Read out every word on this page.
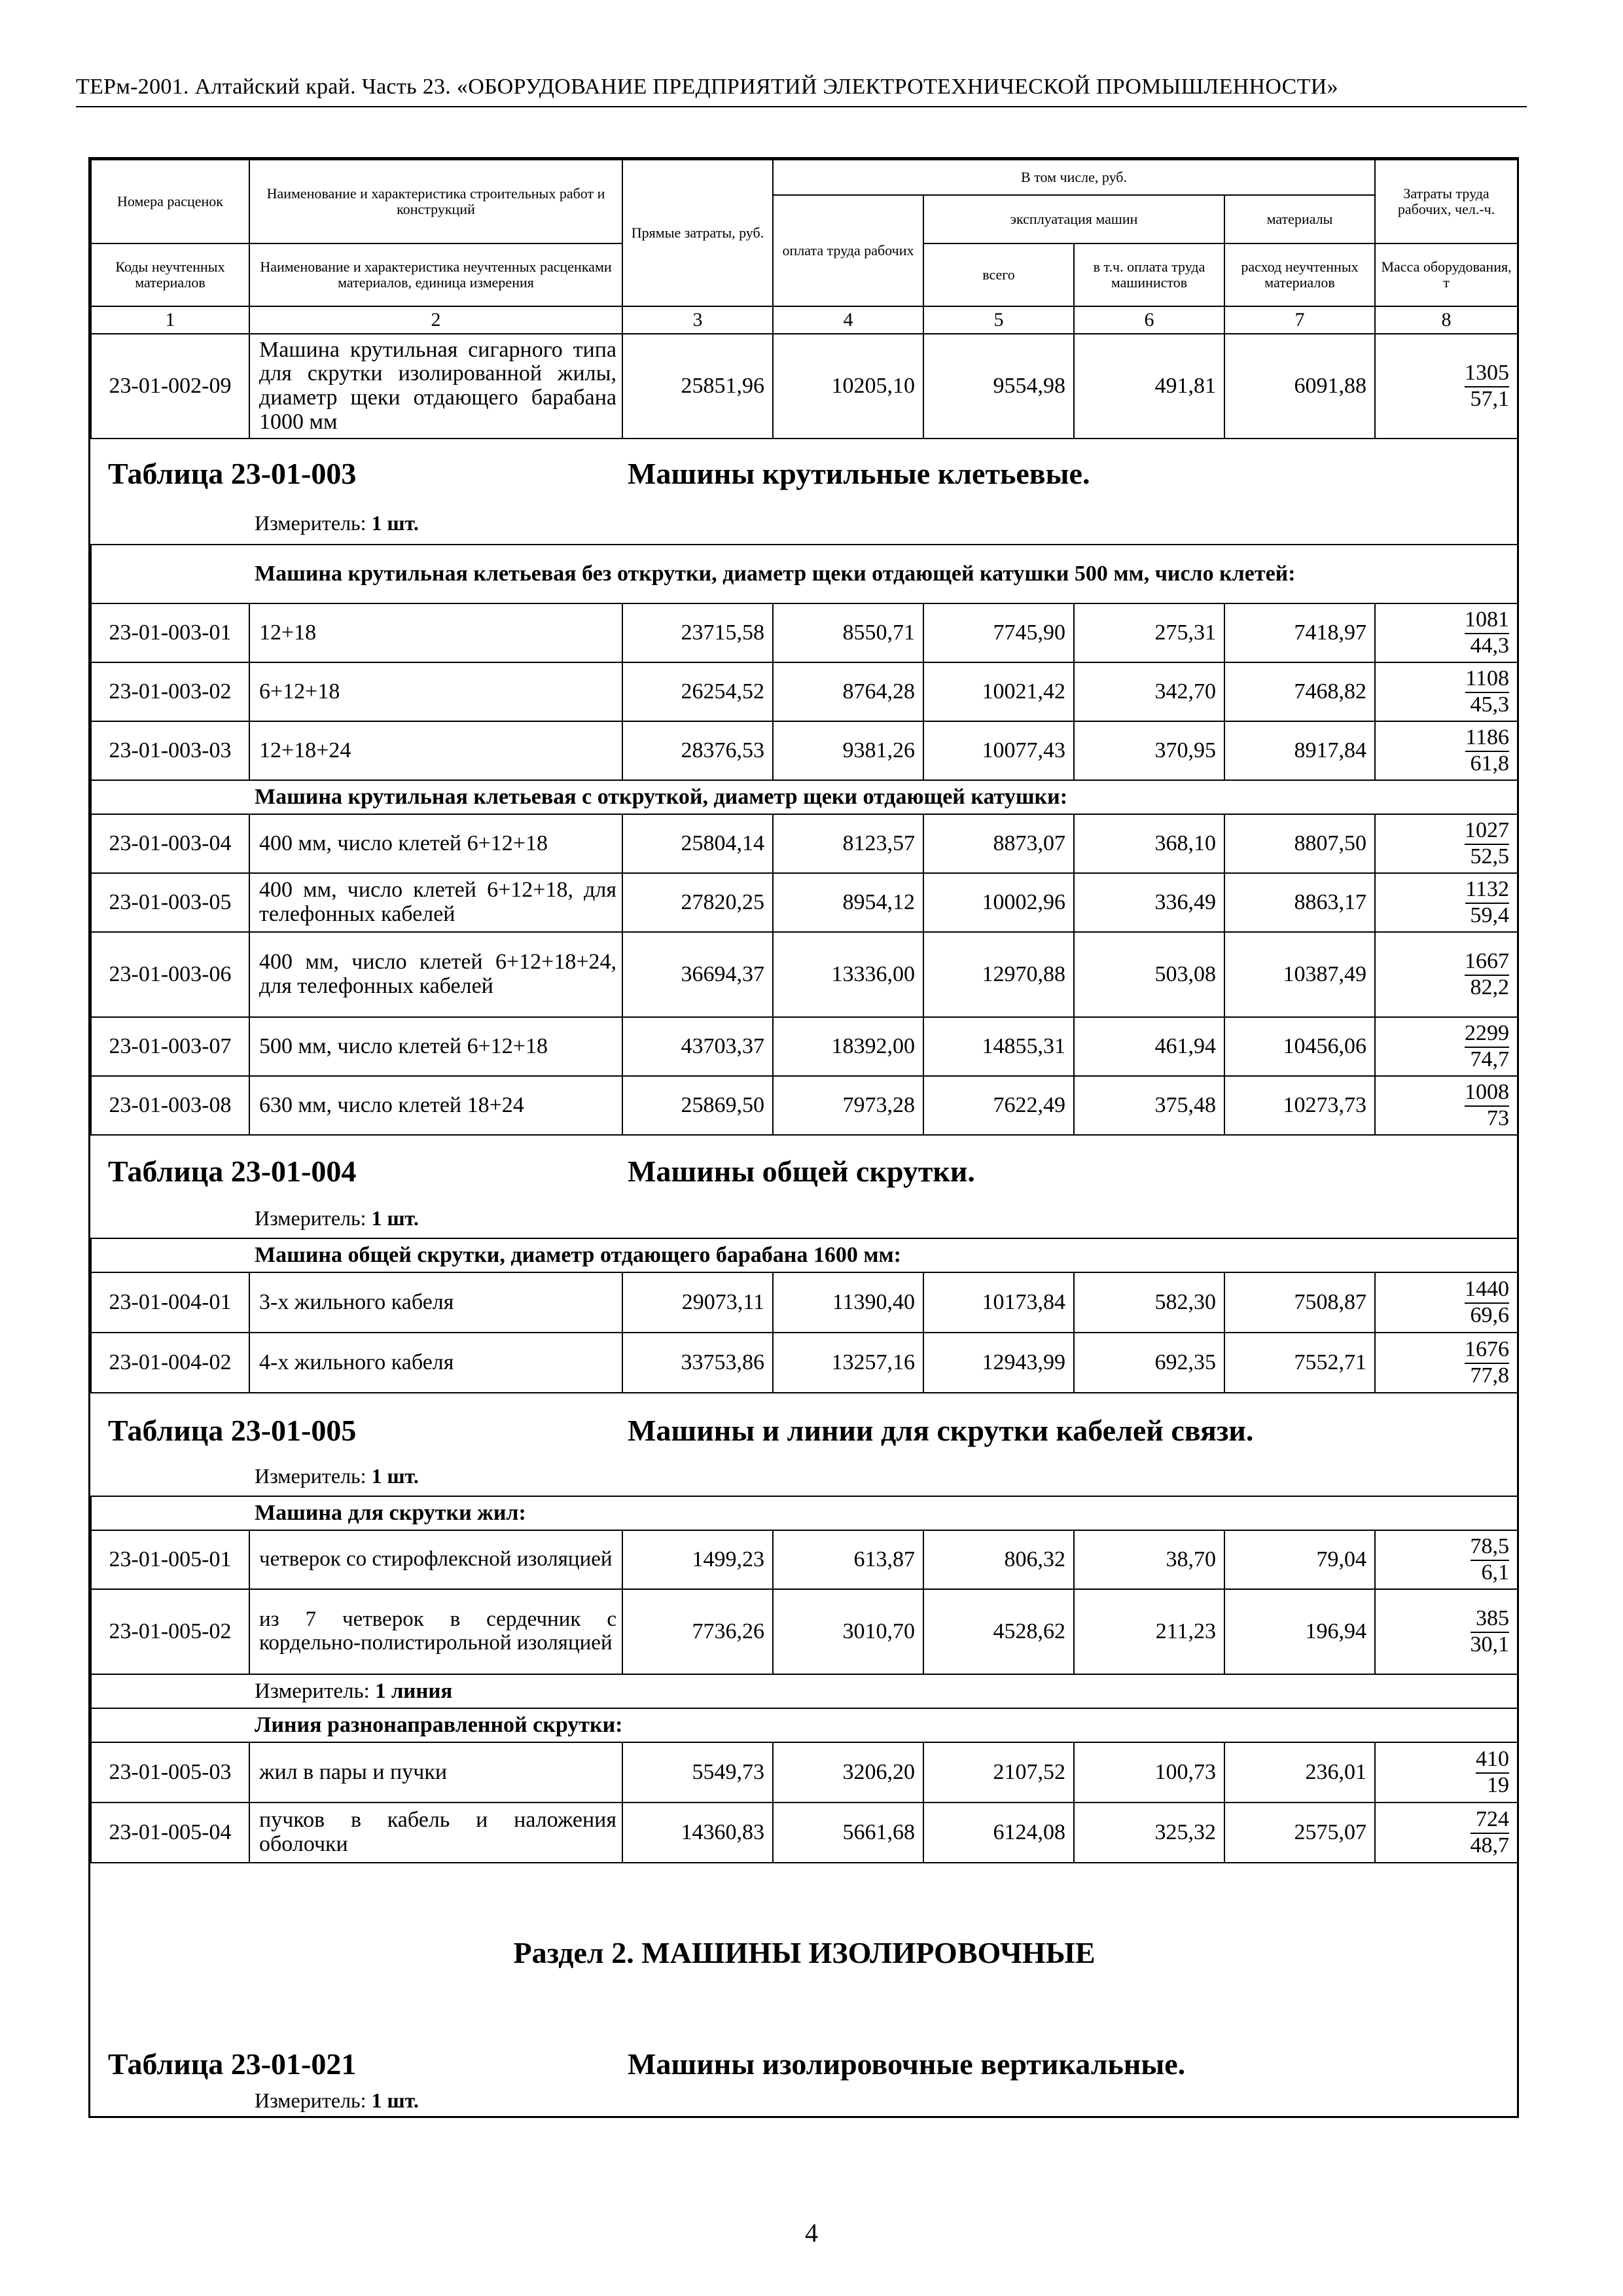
ТЕРм-2001. Алтайский край. Часть 23. «ОБОРУДОВАНИЕ ПРЕДПРИЯТИЙ ЭЛЕКТРОТЕХНИЧЕСКОЙ ПРОМЫШЛЕННОСТИ»
Номера расценок	Наименование и характеристика строительных работ и конструкций	Прямые затраты, руб.	В том числе, руб.				Затраты труда рабочих, чел.-ч.
			оплата труда рабочих	эксплуатация машин		материалы	
Коды неучтенных материалов	Наименование и характеристика неучтенных расценками материалов, единица измерения			всего	в т.ч. оплата труда машинистов	расход неучтенных материалов	Масса оборудования, т
1	2	3	4	5	6	7	8
23-01-002-09	Машина крутильная сигарного типа для скрутки изолированной жилы, диаметр щеки отдающего барабана 1000 мм	25851,96	10205,10	9554,98	491,81	6091,88	$\frac{1305}{57,1}$

Таблица 23-01-003 Машины крутильные клетьевые.
Измеритель: 1 шт.							

	Машина крутильная клетьевая без открутки, диаметр щеки отдающей катушки 500 мм, число клетей:						
23-01-003-01	12+18	23715,58	8550,71	7745,90	275,31	7418,97	$\frac{1081}{44,3}$

23-01-003-02	6+12+18	26254,52	8764,28	10021,42	342,70	7468,82	$\frac{1108}{45,3}$

23-01-003-03	12+18+24	28376,53	9381,26	10077,43	370,95	8917,84	$\frac{1186}{61,8}$

	Машина крутильная клетьевая с откруткой, диаметр щеки отдающей катушки:						
23-01-003-04	400 мм, число клетей 6+12+18	25804,14	8123,57	8873,07	368,10	8807,50	$\frac{1027}{52,5}$

23-01-003-05	400 мм, число клетей 6+12+18, для телефонных кабелей	27820,25	8954,12	10002,96	336,49	8863,17	$\frac{1132}{59,4}$

23-01-003-06	400 мм, число клетей 6+12+18+24, для телефонных кабелей	36694,37	13336,00	12970,88	503,08	10387,49	$\frac{1667}{82,2}$

23-01-003-07	500 мм, число клетей 6+12+18	43703,37	18392,00	14855,31	461,94	10456,06	$\frac{2299}{74,7}$

23-01-003-08	630 мм, число клетей 18+24	25869,50	7973,28	7622,49	375,48	10273,73	$\frac{1008}{73}$

Таблица 23-01-004 Машины общей скрутки.
Измеритель: 1 шт.							

	Машина общей скрутки, диаметр отдающего барабана 1600 мм:						
23-01-004-01	3-х жильного кабеля	29073,11	11390,40	10173,84	582,30	7508,87	$\frac{1440}{69,6}$

23-01-004-02	4-х жильного кабеля	33753,86	13257,16	12943,99	692,35	7552,71	$\frac{1676}{77,8}$

Таблица 23-01-005 Машины и линии для скрутки кабелей связи.
Измеритель: 1 шт.							

	Машина для скрутки жил:						
23-01-005-01	четверок со стирофлексной изоляцией	1499,23	613,87	806,32	38,70	79,04	$\frac{78,5}{6,1}$

23-01-005-02	из 7 четверок в сердечник с кордельно-полистирольной изоляцией	7736,26	3010,70	4528,62	211,23	196,94	$\frac{385}{30,1}$

	Измеритель: 1 линия						
	Линия разнонаправленной скрутки:						
23-01-005-03	жил в пары и пучки	5549,73	3206,20	2107,52	100,73	236,01	$\frac{410}{19}$

23-01-005-04	пучков в кабель и наложения оболочки	14360,83	5661,68	6124,08	325,32	2575,07	$\frac{724}{48,7}$

Раздел 2. МАШИНЫ ИЗОЛИРОВОЧНЫЕ
Таблица 23-01-021 Машины изолировочные вертикальные.
Измеритель: 1 шт.							
4
